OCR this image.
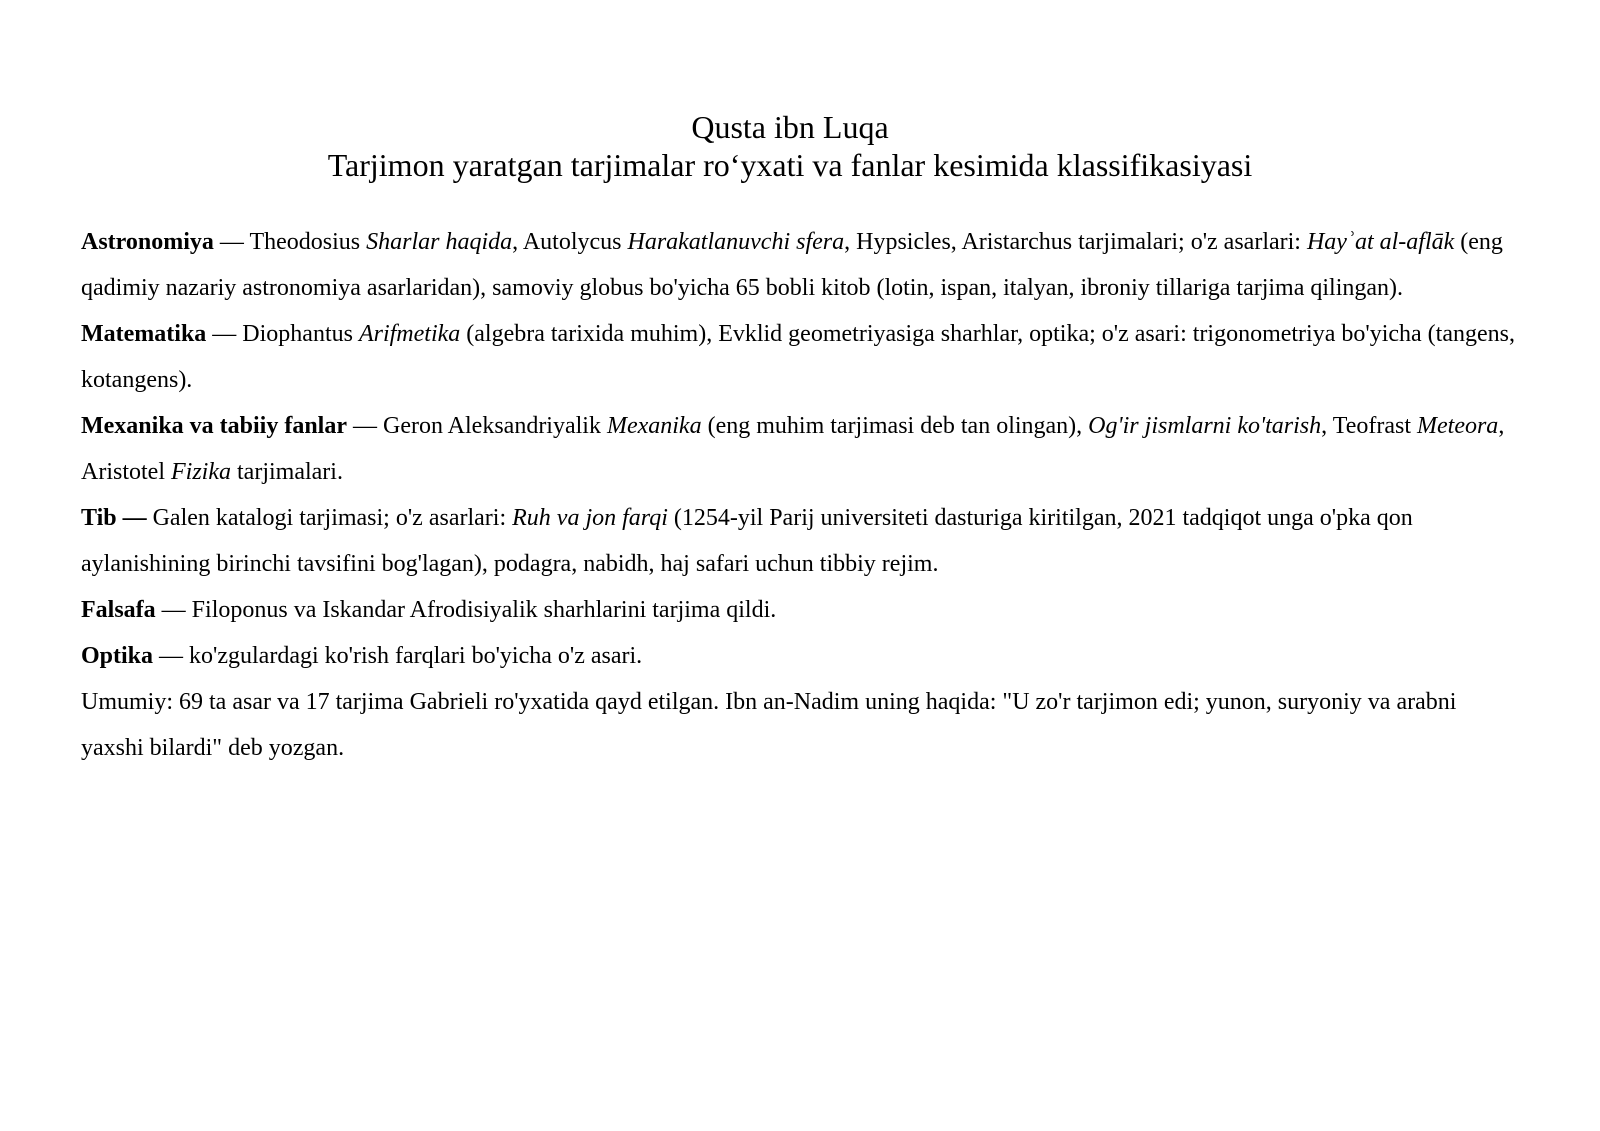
Qusta ibn Luqa
Tarjimon yaratgan tarjimalar roʻyxati va fanlar kesimida klassifikasiyasi

Astronomiya — Theodosius Sharlar haqida, Autolycus Harakatlanuvchi sfera, Hypsicles, Aristarchus tarjimalari; o'z asarlari: Hayʾat al-aflāk (eng qadimiy nazariy astronomiya asarlaridan), samoviy globus bo'yicha 65 bobli kitob (lotin, ispan, italyan, ibroniy tillariga tarjima qilingan).

Matematika — Diophantus Arifmetika (algebra tarixida muhim), Evklid geometriyasiga sharhlar, optika; o'z asari: trigonometriya bo'yicha (tangens, kotangens).

Mexanika va tabiiy fanlar — Geron Aleksandriyalik Mexanika (eng muhim tarjimasi deb tan olingan), Og'ir jismlarni ko'tarish, Teofrast Meteora, Aristotel Fizika tarjimalari.

Tib — Galen katalogi tarjimasi; o'z asarlari: Ruh va jon farqi (1254-yil Parij universiteti dasturiga kiritilgan, 2021 tadqiqot unga o'pka qon aylanishining birinchi tavsifini bog'lagan), podagra, nabidh, haj safari uchun tibbiy rejim.

Falsafa — Filoponus va Iskandar Afrodisiyalik sharhlarini tarjima qildi.

Optika — ko'zgulardagi ko'rish farqlari bo'yicha o'z asari.

Umumiy: 69 ta asar va 17 tarjima Gabrieli ro'yxatida qayd etilgan. Ibn an-Nadim uning haqida: "U zo'r tarjimon edi; yunon, suryoniy va arabni yaxshi bilardi" deb yozgan.
